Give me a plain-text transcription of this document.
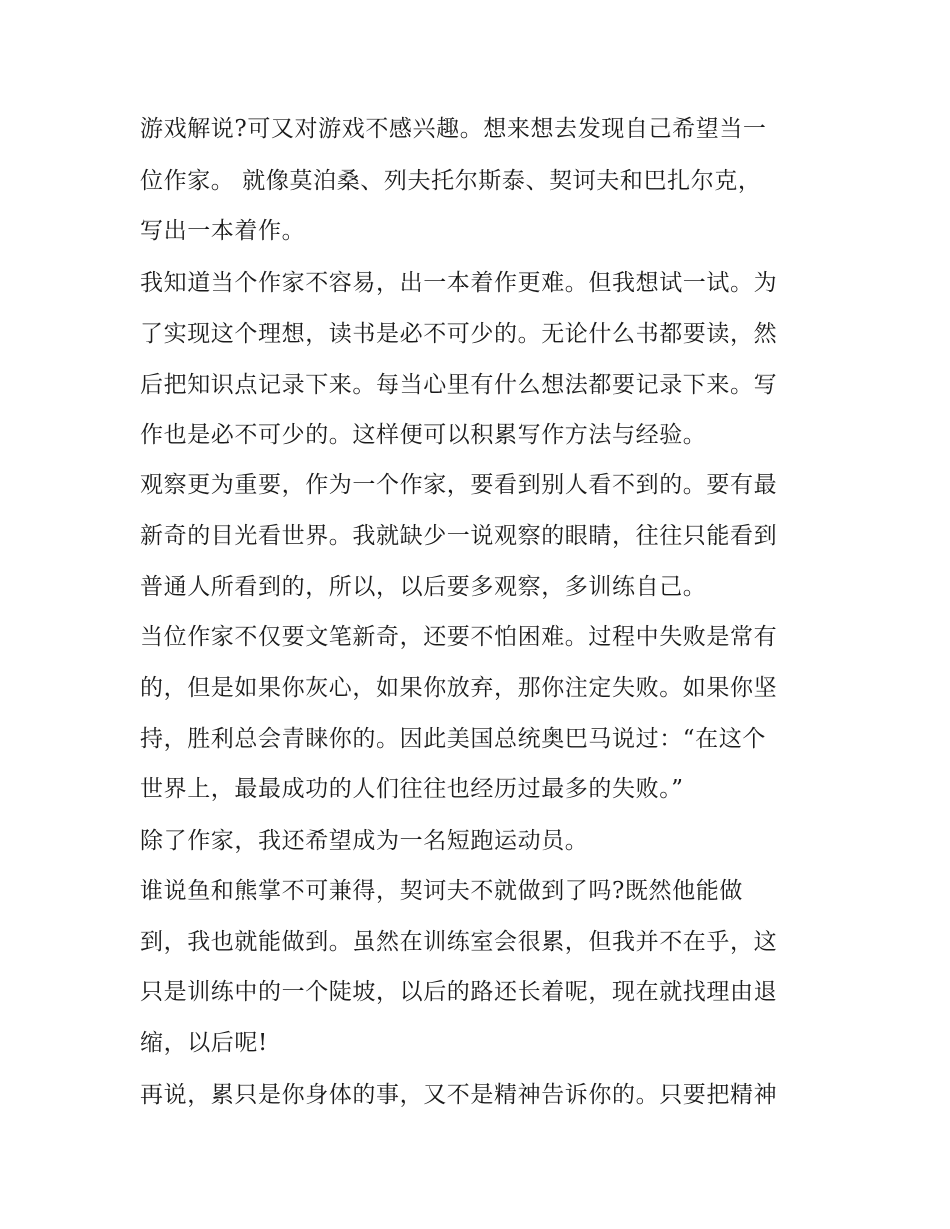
游戏解说?可又对游戏不感兴趣。想来想去发现自己希望当一
位作家。 就像莫泊桑、列夫托尔斯泰、契诃夫和巴扎尔克，
写出一本着作。
我知道当个作家不容易，出一本着作更难。但我想试一试。为
了实现这个理想，读书是必不可少的。无论什么书都要读，然
后把知识点记录下来。每当心里有什么想法都要记录下来。写
作也是必不可少的。这样便可以积累写作方法与经验。
观察更为重要，作为一个作家，要看到别人看不到的。要有最
新奇的目光看世界。我就缺少一说观察的眼睛，往往只能看到
普通人所看到的，所以，以后要多观察，多训练自己。
当位作家不仅要文笔新奇，还要不怕困难。过程中失败是常有
的，但是如果你灰心，如果你放弃，那你注定失败。如果你坚
持，胜利总会青睐你的。因此美国总统奥巴马说过：“在这个
世界上，最最成功的人们往往也经历过最多的失败。”
除了作家，我还希望成为一名短跑运动员。
谁说鱼和熊掌不可兼得，契诃夫不就做到了吗?既然他能做
到，我也就能做到。虽然在训练室会很累，但我并不在乎，这
只是训练中的一个陡坡，以后的路还长着呢，现在就找理由退
缩，以后呢!
再说，累只是你身体的事，又不是精神告诉你的。只要把精神
